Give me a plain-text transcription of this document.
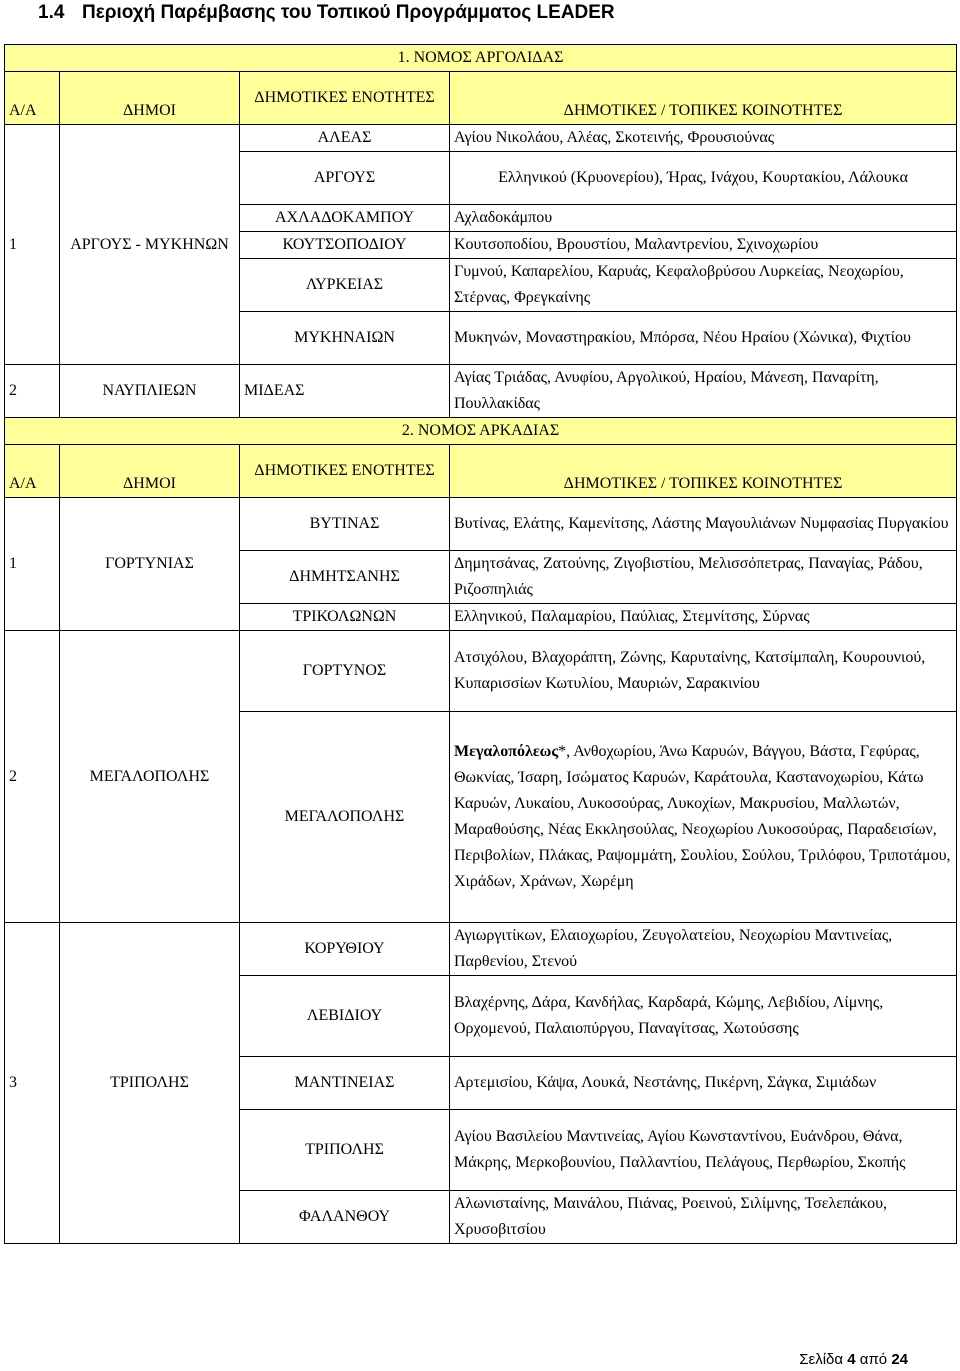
1.4 Περιοχή Παρέμβασης του Τοπικού Προγράμματος LEADER
1. ΝΟΜΟΣ ΑΡΓΟΛΙΔΑΣ			
Α/Α	ΔΗΜΟΙ	ΔΗΜΟΤΙΚΕΣ ΕΝΟΤΗΤΕΣ	ΔΗΜΟΤΙΚΕΣ / ΤΟΠΙΚΕΣ ΚΟΙΝΟΤΗΤΕΣ
1	ΑΡΓΟΥΣ - ΜΥΚΗΝΩΝ	ΑΛΕΑΣ	Αγίου Νικολάου, Αλέας, Σκοτεινής, Φρουσιούνας
		ΑΡΓΟΥΣ	Ελληνικού (Κρυονερίου), Ήρας, Ινάχου, Κουρτακίου, Λάλουκα
		ΑΧΛΑΔΟΚΑΜΠΟΥ	Αχλαδοκάμπου
		ΚΟΥΤΣΟΠΟΔΙΟΥ	Κουτσοποδίου, Βρουστίου, Μαλαντρενίου, Σχινοχωρίου
		ΛΥΡΚΕΙΑΣ	Γυμνού, Καπαρελίου, Καρυάς, Κεφαλοβρύσου Λυρκείας, Νεοχωρίου, Στέρνας, Φρεγκαίνης
		ΜΥΚΗΝΑΙΩΝ	Μυκηνών, Μοναστηρακίου, Μπόρσα, Νέου Ηραίου (Χώνικα), Φιχτίου
2	ΝΑΥΠΛΙΕΩΝ	ΜΙΔΕΑΣ	Αγίας Τριάδας, Ανυφίου, Αργολικού, Ηραίου, Μάνεση, Παναρίτη, Πουλλακίδας
2. ΝΟΜΟΣ ΑΡΚΑΔΙΑΣ			
Α/Α	ΔΗΜΟΙ	ΔΗΜΟΤΙΚΕΣ ΕΝΟΤΗΤΕΣ	ΔΗΜΟΤΙΚΕΣ / ΤΟΠΙΚΕΣ ΚΟΙΝΟΤΗΤΕΣ
1	ΓΟΡΤΥΝΙΑΣ	ΒΥΤΙΝΑΣ	Βυτίνας, Ελάτης, Καμενίτσης, Λάστης Μαγουλιάνων Νυμφασίας Πυργακίου
		ΔΗΜΗΤΣΑΝΗΣ	Δημητσάνας, Ζατούνης, Ζιγοβιστίου, Μελισσόπετρας, Παναγίας, Ράδου, Ριζοσπηλιάς
		ΤΡΙΚΟΛΩΝΩΝ	Ελληνικού, Παλαμαρίου, Παύλιας, Στεμνίτσης, Σύρνας
2	ΜΕΓΑΛΟΠΟΛΗΣ	ΓΟΡΤΥΝΟΣ	Ατσιχόλου, Βλαχοράπτη, Ζώνης, Καρυταίνης, Κατσίμπαλη, Κουρουνιού, Κυπαρισσίων Κωτυλίου, Μαυριών, Σαρακινίου
		ΜΕΓΑΛΟΠΟΛΗΣ	Μεγαλοπόλεως*, Ανθοχωρίου, Άνω Καρυών, Βάγγου, Βάστα, Γεφύρας, Θωκνίας, Ίσαρη, Ισώματος Καρυών, Καράτουλα, Καστανοχωρίου, Κάτω Καρυών, Λυκαίου, Λυκοσούρας, Λυκοχίων, Μακρυσίου, Μαλλωτών, Μαραθούσης, Νέας Εκκλησούλας, Νεοχωρίου Λυκοσούρας, Παραδεισίων, Περιβολίων, Πλάκας, Ραψομμάτη, Σουλίου, Σούλου, Τριλόφου, Τριποτάμου, Χιράδων, Χράνων, Χωρέμη
3	ΤΡΙΠΟΛΗΣ	ΚΟΡΥΘΙΟΥ	Αγιωργιτίκων, Ελαιοχωρίου, Ζευγολατείου, Νεοχωρίου Μαντινείας, Παρθενίου, Στενού
		ΛΕΒΙΔΙΟΥ	Βλαχέρνης, Δάρα, Κανδήλας, Καρδαρά, Κώμης, Λεβιδίου, Λίμνης, Ορχομενού, Παλαιοπύργου, Παναγίτσας, Χωτούσσης
		ΜΑΝΤΙΝΕΙΑΣ	Αρτεμισίου, Κάψα, Λουκά, Νεστάνης, Πικέρνη, Σάγκα, Σιμιάδων
		ΤΡΙΠΟΛΗΣ	Αγίου Βασιλείου Μαντινείας, Αγίου Κωνσταντίνου, Ευάνδρου, Θάνα, Μάκρης, Μερκοβουνίου, Παλλαντίου, Πελάγους, Περθωρίου, Σκοπής
		ΦΑΛΑΝΘΟΥ	Αλωνισταίνης, Μαινάλου, Πιάνας, Ροεινού, Σιλίμνης, Τσελεπάκου, Χρυσοβιτσίου
Σελίδα 4 από 24
